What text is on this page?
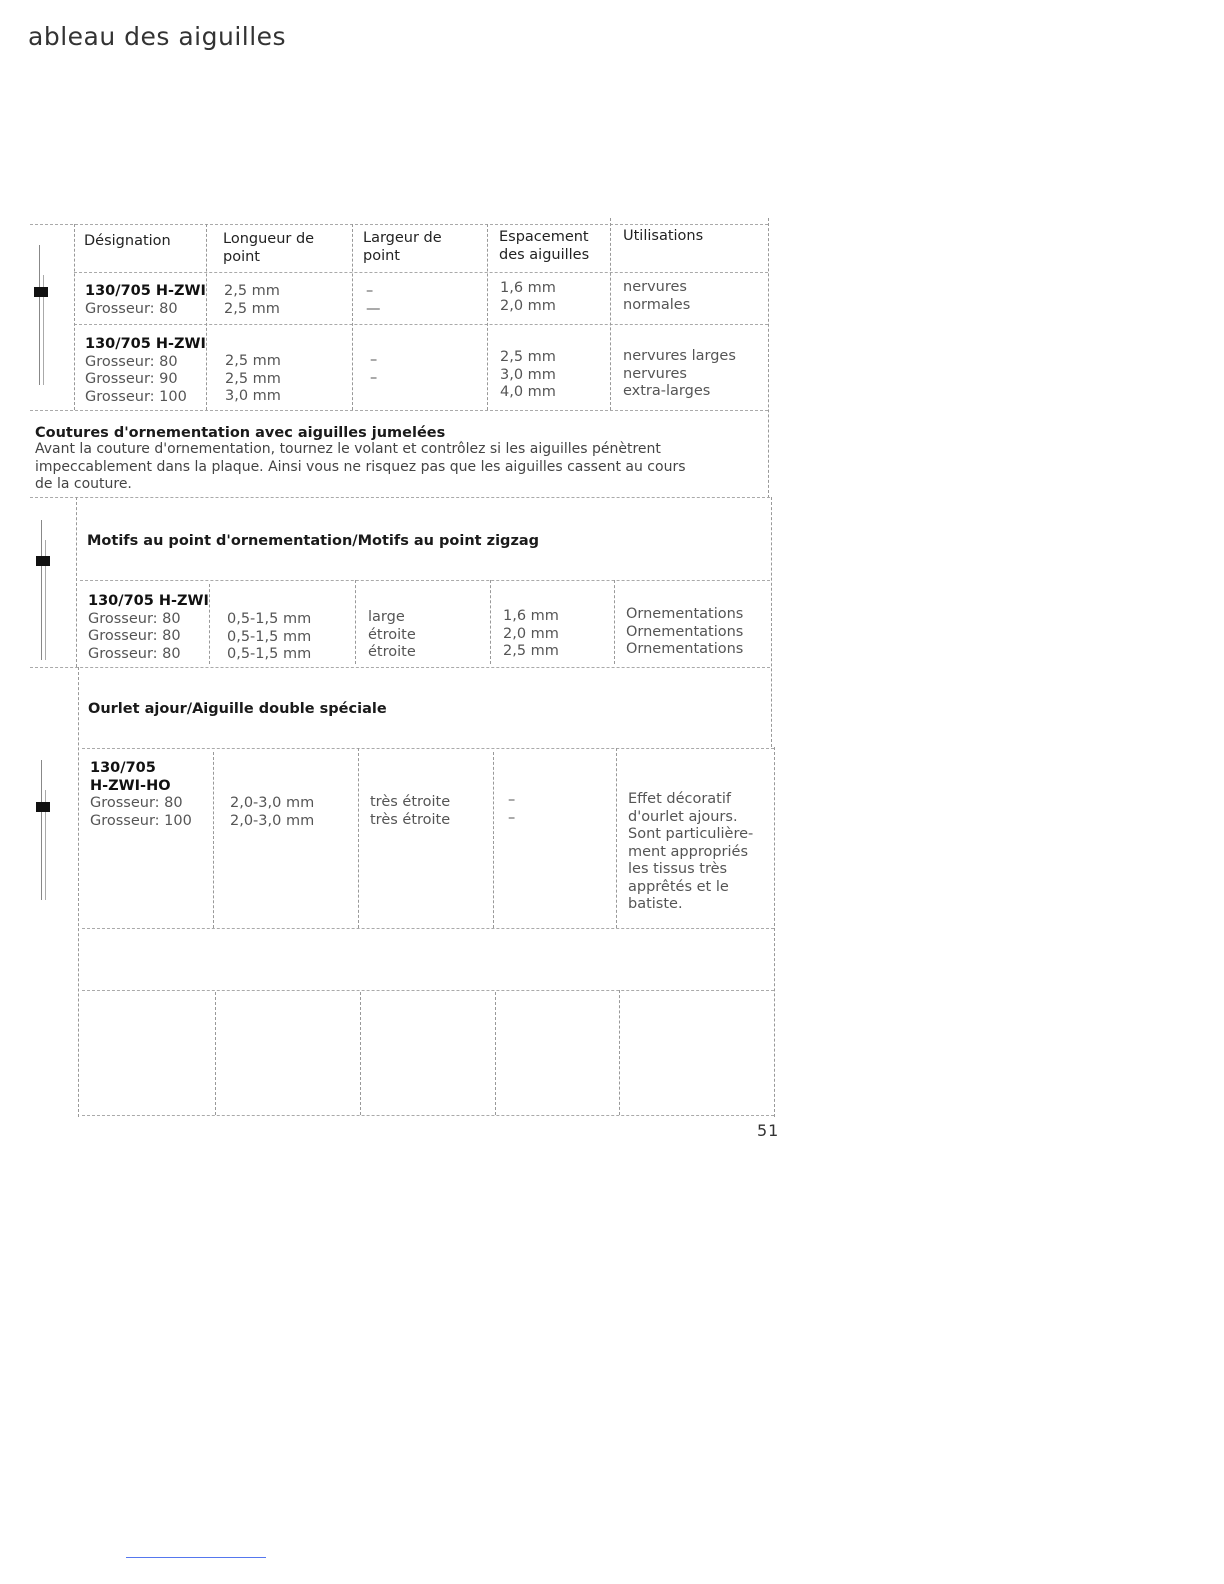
ableau des aiguilles
Désignation	Longueur de
point
Largeur de
point
Espacement
des aiguilles
Utilisations
130/705 H-ZWI
Grosseur: 80
2,5 mm
2,5 mm
–
—
1,6 mm
2,0 mm
nervures
normales
130/705 H-ZWI
Grosseur: 80
Grosseur: 90
Grosseur: 100
2,5 mm
2,5 mm
3,0 mm
–
–
2,5 mm
3,0 mm
4,0 mm
nervures larges
nervures
extra-larges
Coutures d'ornementation avec aiguilles jumelées
Avant la couture d'ornementation, tournez le volant et contrôlez si les aiguilles pénètrent
impeccablement dans la plaque. Ainsi vous ne risquez pas que les aiguilles cassent au cours
de la couture.
Motifs au point d'ornementation/Motifs au point zigzag
130/705 H-ZWI
Grosseur: 80
Grosseur: 80
Grosseur: 80
0,5-1,5 mm
0,5-1,5 mm
0,5-1,5 mm
large
étroite
étroite
1,6 mm
2,0 mm
2,5 mm
Ornementations
Ornementations
Ornementations
Ourlet ajour/Aiguille double spéciale
130/705
H-ZWI-HO
Grosseur: 80
Grosseur: 100
2,0-3,0 mm
2,0-3,0 mm
très étroite
très étroite
–
–
Effet décoratif
d'ourlet ajours.
Sont particulière-
ment appropriés
les tissus très
apprêtés et le
batiste.
51
